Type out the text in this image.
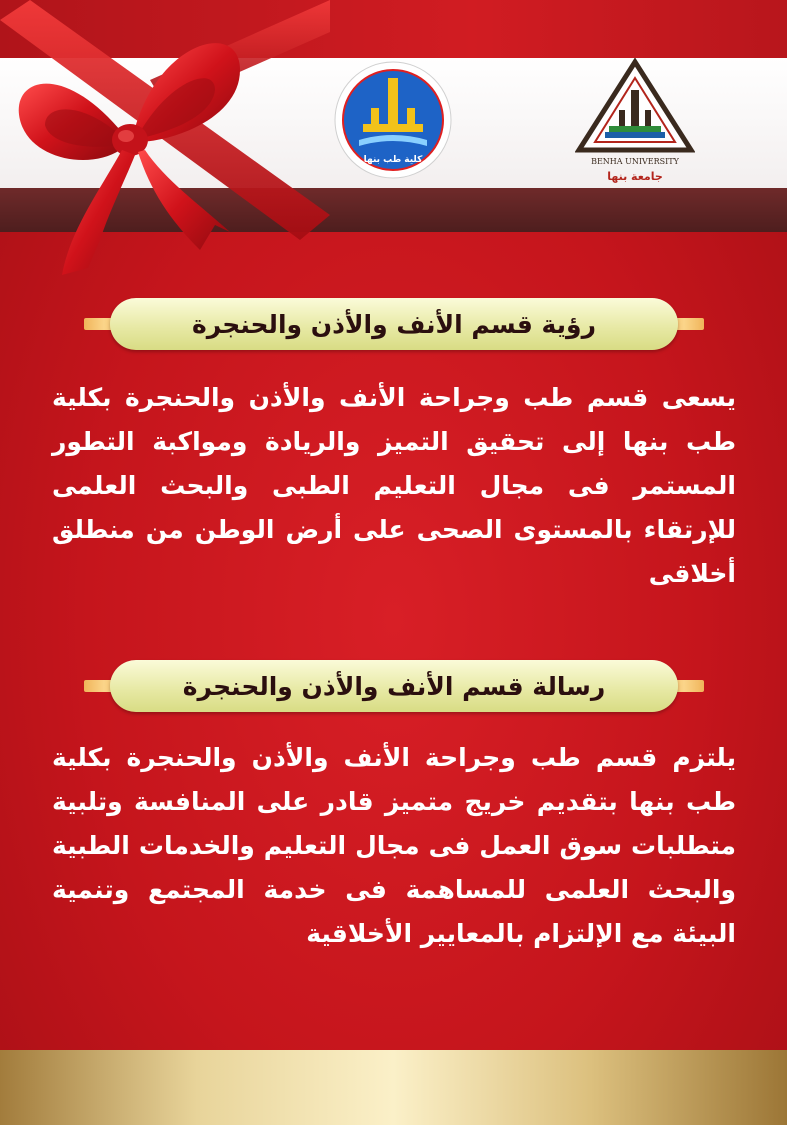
كلية طب بنها	BENHA UNIVERSITY
جامعة بنها
رؤية قسم الأنف والأذن والحنجرة
يسعى قسم طب وجراحة الأنف والأذن والحنجرة بكلية طب بنها إلى تحقيق التميز والريادة ومواكبة التطور المستمر فى مجال التعليم الطبى والبحث العلمى للإرتقاء بالمستوى الصحى على أرض الوطن من منطلق أخلاقى
رسالة قسم الأنف والأذن والحنجرة
يلتزم قسم طب وجراحة الأنف والأذن والحنجرة بكلية طب بنها بتقديم خريج متميز قادر على المنافسة وتلبية متطلبات سوق العمل فى مجال التعليم والخدمات الطبية والبحث العلمى للمساهمة فى خدمة المجتمع وتنمية البيئة مع الإلتزام بالمعايير الأخلاقية
